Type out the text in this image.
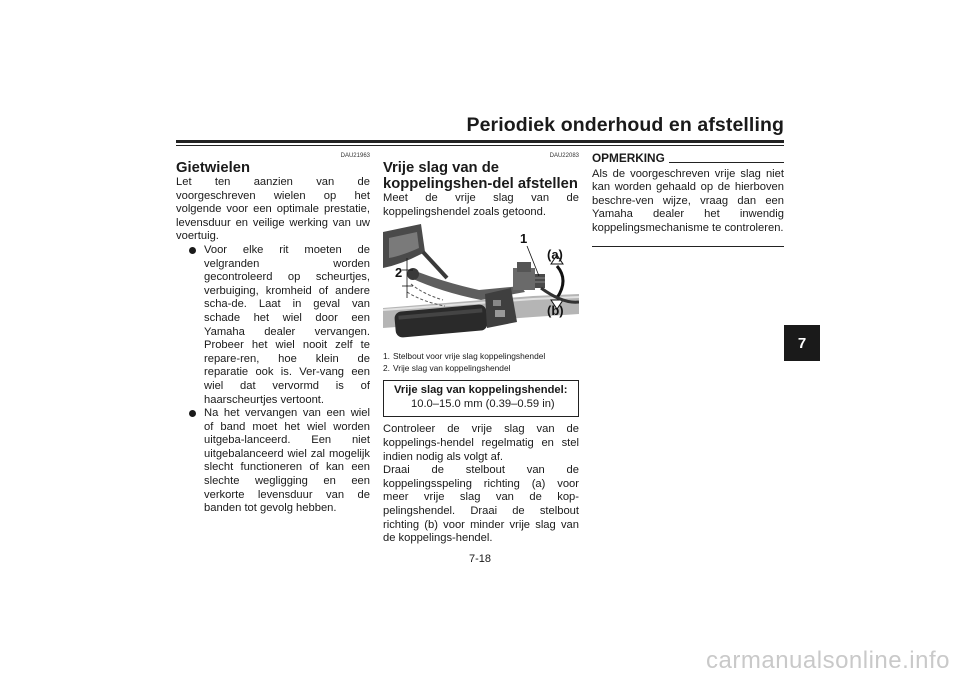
Periodiek onderhoud en afstelling
7
DAU21963
Gietwielen

Let ten aanzien van de voorgeschreven wielen op het volgende voor een optimale prestatie, levensduur en veilige werking van uw voertuig.

Voor elke rit moeten de velgranden worden gecontroleerd op scheurtjes, verbuiging, kromheid of andere scha-de. Laat in geval van schade het wiel door een Yamaha dealer vervangen. Probeer het wiel nooit zelf te repare-ren, hoe klein de reparatie ook is. Ver-vang een wiel dat vervormd is of haarscheurtjes vertoont.
Na het vervangen van een wiel of band moet het wiel worden uitgeba-lanceerd. Een niet uitgebalanceerd wiel zal mogelijk slecht functioneren of kan een slechte wegligging en een verkorte levensduur van de banden tot gevolg hebben.
DAU22083
Vrije slag van de koppelingshen-del afstellen

Meet de vrije slag van de koppelingshendel zoals getoond.

1
2
(a)
(b)
1. Stelbout voor vrije slag koppelingshendel
2. Vrije slag van koppelingshendel
Vrije slag van koppelingshendel:
10.0–15.0 mm (0.39–0.59 in)

Controleer de vrije slag van de koppelings-hendel regelmatig en stel indien nodig als volgt af.

Draai de stelbout van de koppelingsspeling richting (a) voor meer vrije slag van de kop-pelingshendel. Draai de stelbout richting (b) voor minder vrije slag van de koppelings-hendel.

OPMERKING

Als de voorgeschreven vrije slag niet kan worden gehaald op de hierboven beschre-ven wijze, vraag dan een Yamaha dealer het inwendig koppelingsmechanisme te controleren.

7-18
carmanualsonline.info
